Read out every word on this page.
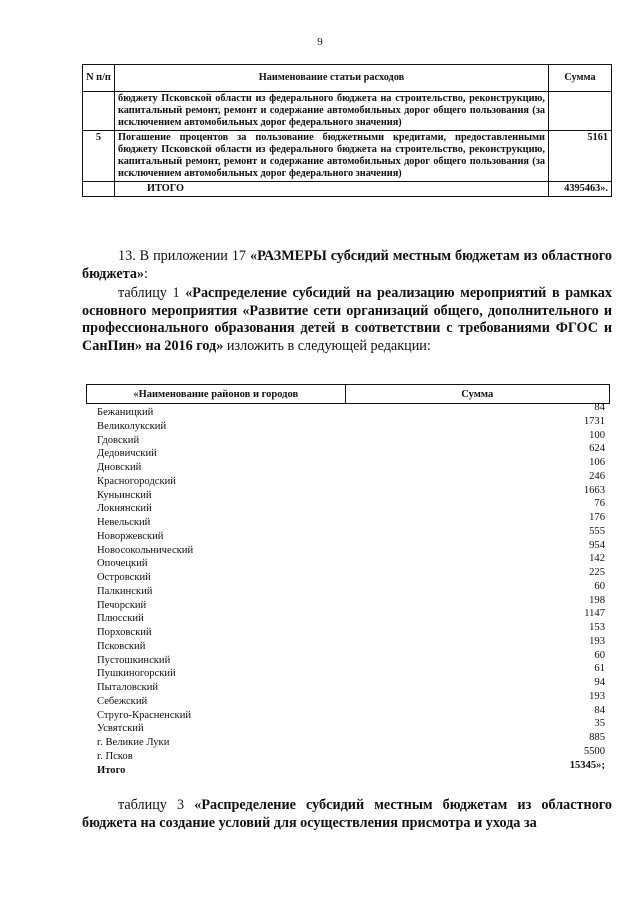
9
N п/п	Наименование статьи расходов	Сумма
	бюджету Псковской области из федерального бюджета на строительство, реконструкцию, капитальный ремонт, ремонт и содержание автомобильных дорог общего пользования (за исключением автомобильных дорог федерального значения)	
5	Погашение процентов за пользование бюджетными кредитами, предоставленными бюджету Псковской области из федерального бюджета на строительство, реконструкцию, капитальный ремонт, ремонт и содержание автомобильных дорог общего пользования (за исключением автомобильных дорог федерального значения)	5161
	ИТОГО	4395463».
13. В приложении 17 «РАЗМЕРЫ субсидий местным бюджетам из областного бюджета»:
таблицу 1 «Распределение субсидий на реализацию мероприятий в рамках основного мероприятия «Развитие сети организаций общего, дополнительного и профессионального образования детей в соответствии с требованиями ФГОС и СанПин» на 2016 год» изложить в следующей редакции:
«Наименование районов и городов	Сумма
Бежаницкий	84
Великолукский	1731
Гдовский	100
Дедовичский	624
Дновский	106
Красногородский	246
Куньинский	1663
Локнянский	76
Невельский	176
Новоржевский	555
Новосокольнический	954
Опочецкий	142
Островский	225
Палкинский	60
Печорский	198
Плюсский	1147
Порховский	153
Псковский	193
Пустошкинский	60
Пушкиногорский	61
Пыталовский	94
Себежский	193
Струго-Красненский	84
Усвятский	35
г. Великие Луки	885
г. Псков	5500
Итого	15345»;
таблицу 3 «Распределение субсидий местным бюджетам из областного бюджета на создание условий для осуществления присмотра и ухода за
